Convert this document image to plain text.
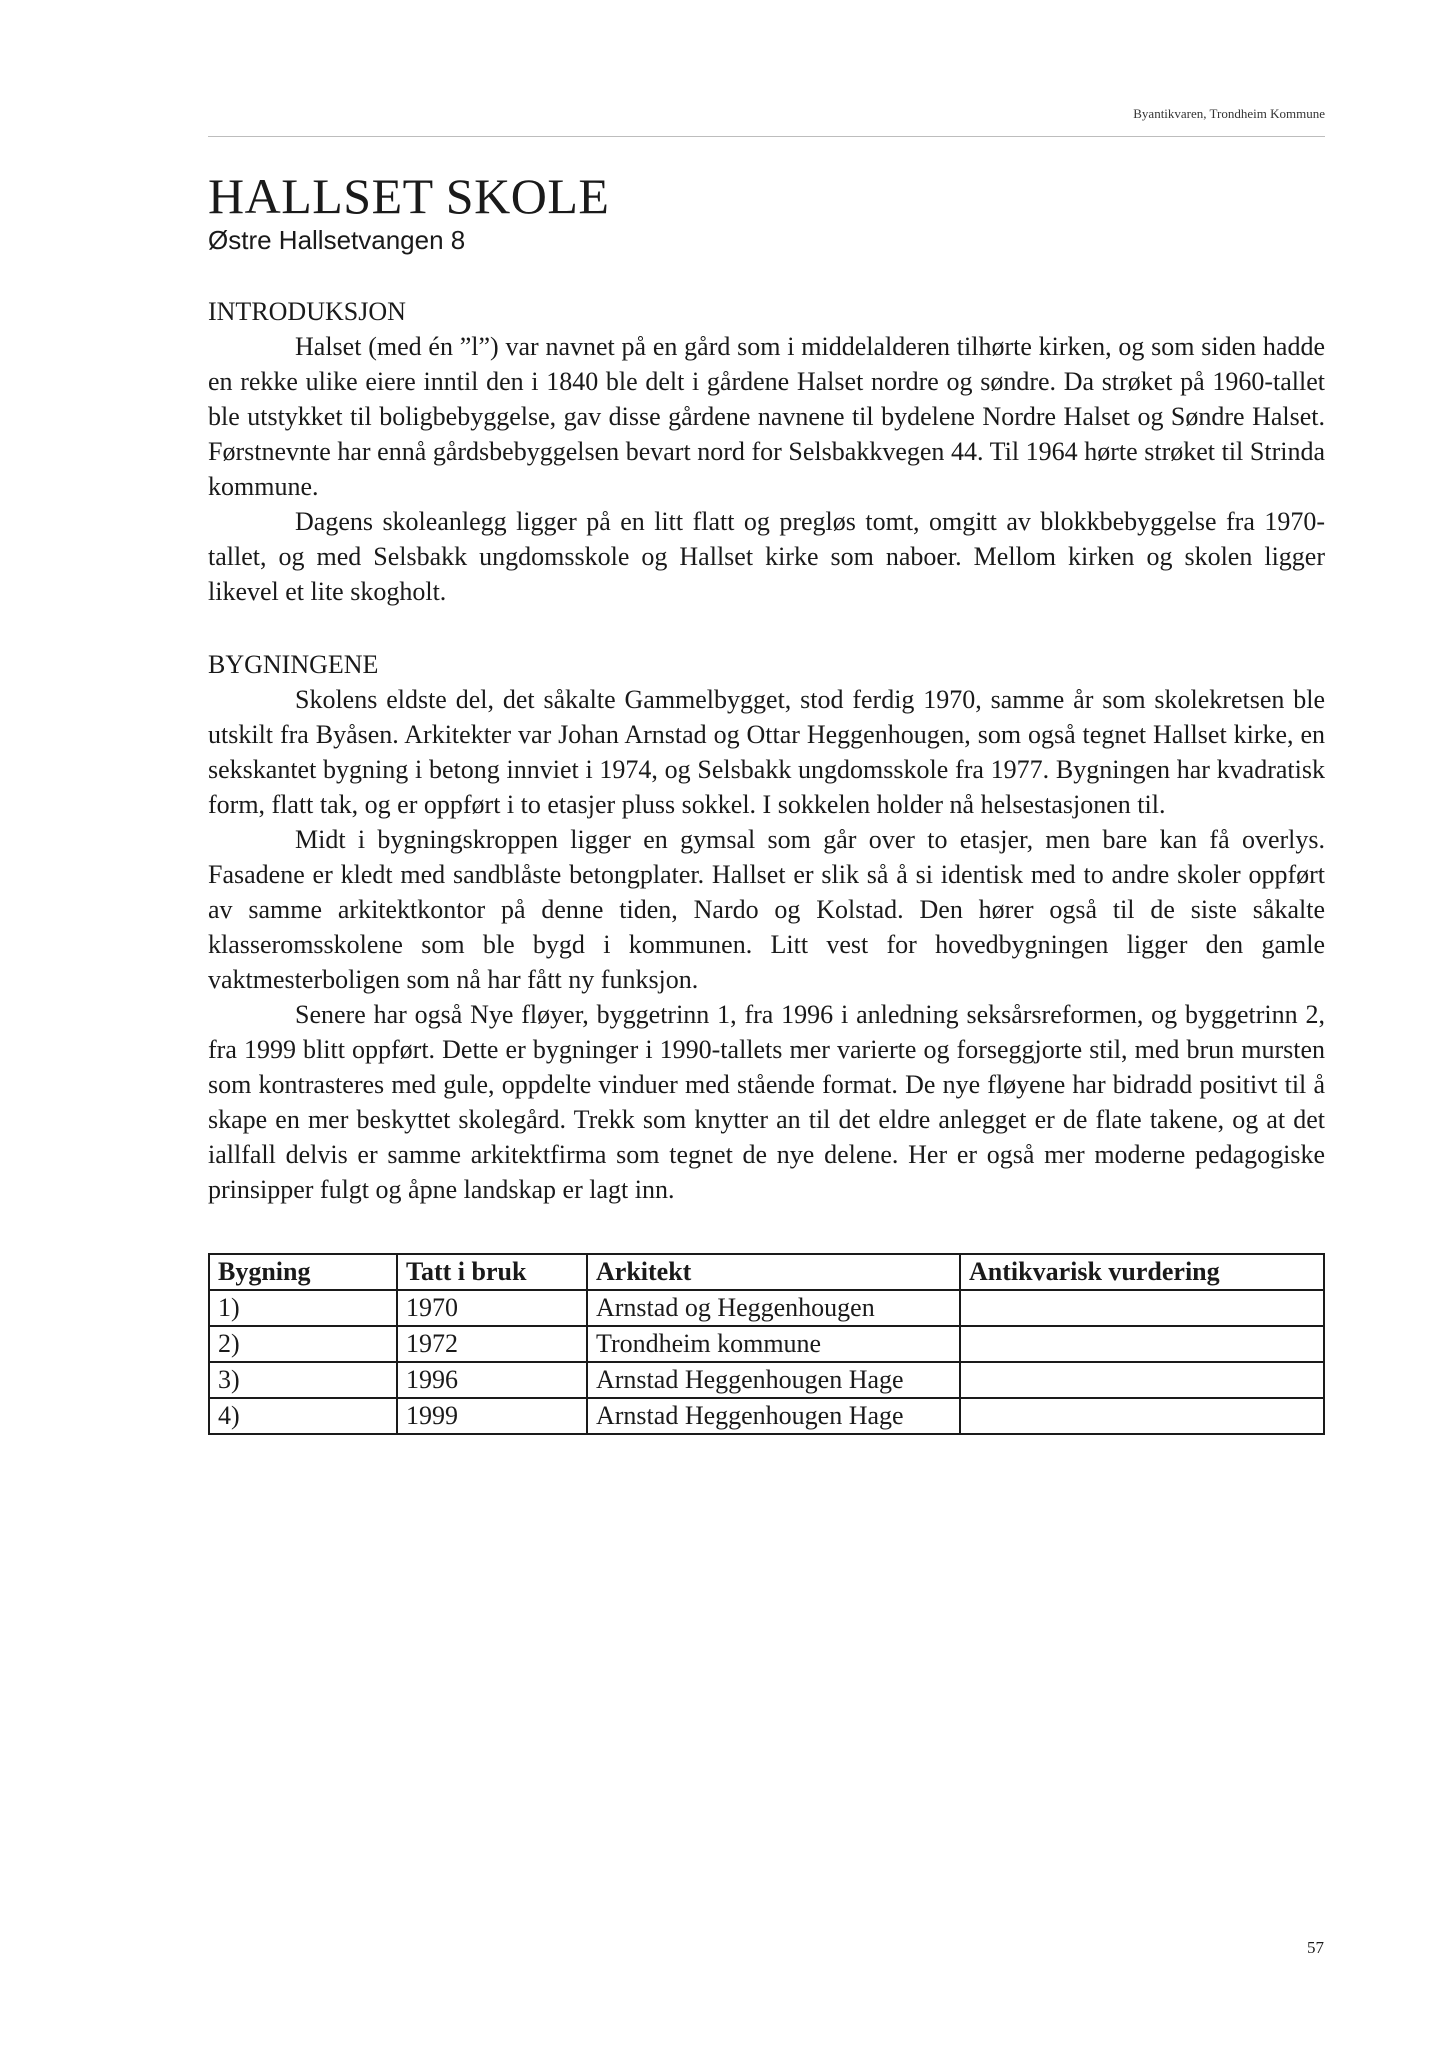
Byantikvaren, Trondheim Kommune
HALLSET SKOLE

Østre Hallsetvangen 8

INTRODUKSJON

Halset (med én ”l”) var navnet på en gård som i middelalderen tilhørte kirken, og som siden hadde en rekke ulike eiere inntil den i 1840 ble delt i gårdene Halset nordre og søndre. Da strøket på 1960-tallet ble utstykket til boligbebyggelse, gav disse gårdene navnene til bydelene Nordre Halset og Søndre Halset. Førstnevnte har ennå gårdsbebyggelsen bevart nord for Selsbakkvegen 44. Til 1964 hørte strøket til Strinda kommune.

Dagens skoleanlegg ligger på en litt flatt og pregløs tomt, omgitt av blokkbebyggelse fra 1970-tallet, og med Selsbakk ungdomsskole og Hallset kirke som naboer. Mellom kirken og skolen ligger likevel et lite skogholt.

BYGNINGENE

Skolens eldste del, det såkalte Gammelbygget, stod ferdig 1970, samme år som skolekretsen ble utskilt fra Byåsen. Arkitekter var Johan Arnstad og Ottar Heggenhougen, som også tegnet Hallset kirke, en sekskantet bygning i betong innviet i 1974, og Selsbakk ungdomsskole fra 1977. Bygningen har kvadratisk form, flatt tak, og er oppført i to etasjer pluss sokkel. I sokkelen holder nå helsestasjonen til.

Midt i bygningskroppen ligger en gymsal som går over to etasjer, men bare kan få overlys. Fasadene er kledt med sandblåste betongplater. Hallset er slik så å si identisk med to andre skoler oppført av samme arkitektkontor på denne tiden, Nardo og Kolstad. Den hører også til de siste såkalte klasseromsskolene som ble bygd i kommunen. Litt vest for hovedbygningen ligger den gamle vaktmesterboligen som nå har fått ny funksjon.

Senere har også Nye fløyer, byggetrinn 1, fra 1996 i anledning seksårsreformen, og byggetrinn 2, fra 1999 blitt oppført. Dette er bygninger i 1990-tallets mer varierte og forseggjorte stil, med brun mursten som kontrasteres med gule, oppdelte vinduer med stående format. De nye fløyene har bidradd positivt til å skape en mer beskyttet skolegård. Trekk som knytter an til det eldre anlegget er de flate takene, og at det iallfall delvis er samme arkitektfirma som tegnet de nye delene. Her er også mer moderne pedagogiske prinsipper fulgt og åpne landskap er lagt inn.

Bygning	Tatt i bruk	Arkitekt	Antikvarisk vurdering
1)	1970	Arnstad og Heggenhougen	
2)	1972	Trondheim kommune	
3)	1996	Arnstad Heggenhougen Hage	
4)	1999	Arnstad Heggenhougen Hage	
57
